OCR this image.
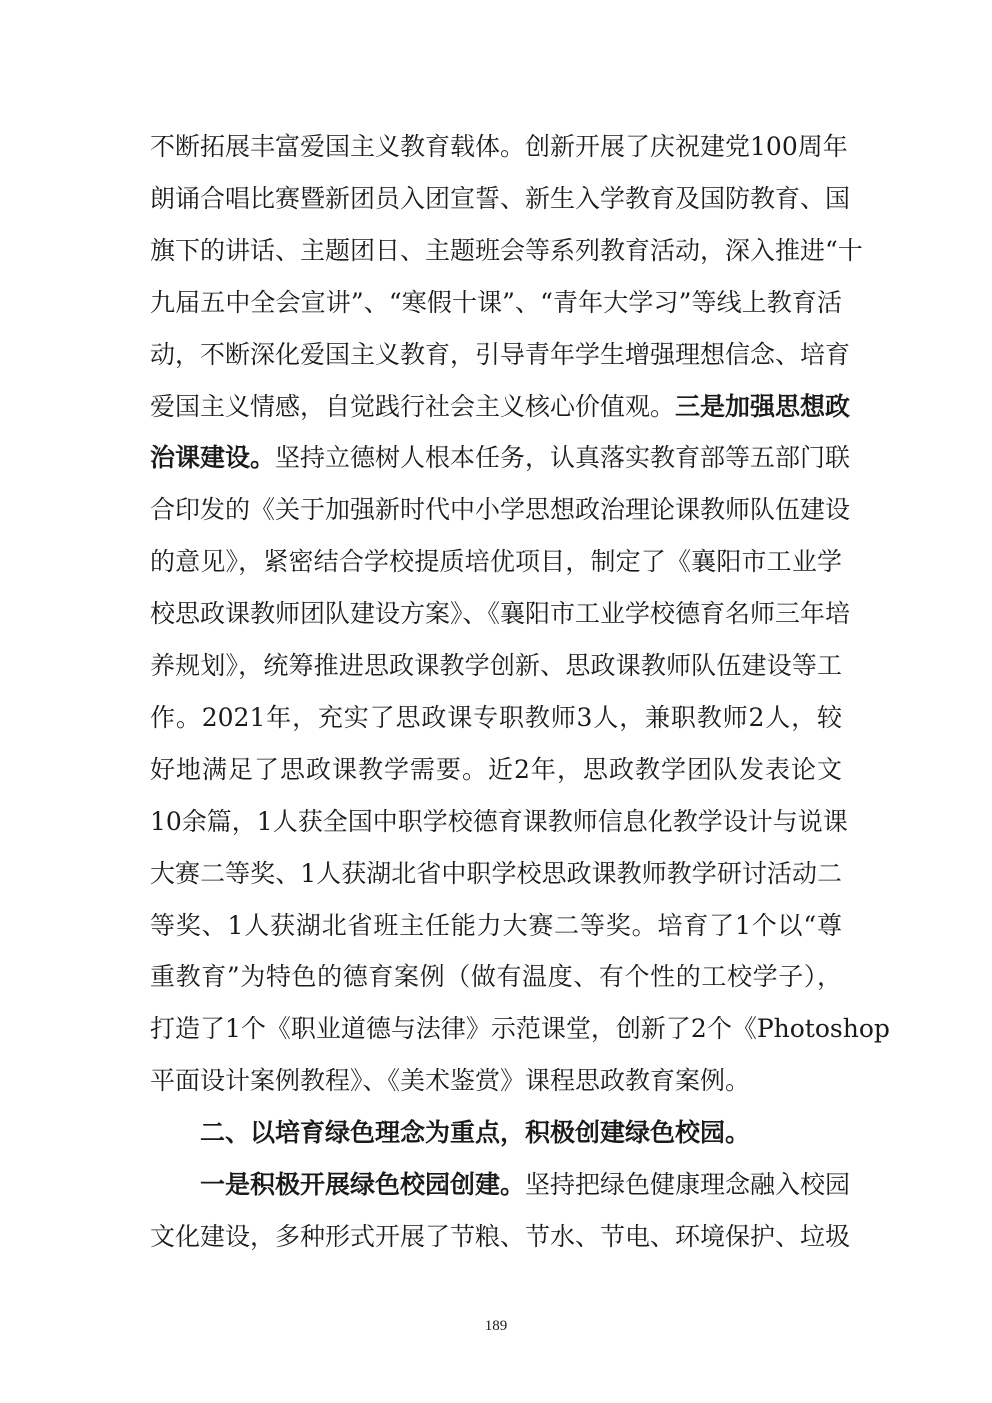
不断拓展丰富爱国主义教育载体。创新开展了庆祝建党100周年
朗诵合唱比赛暨新团员入团宣誓、新生入学教育及国防教育、国
旗下的讲话、主题团日、主题班会等系列教育活动，深入推进“十
九届五中全会宣讲”、“寒假十课”、“青年大学习”等线上教育活
动，不断深化爱国主义教育，引导青年学生增强理想信念、培育
爱国主义情感，自觉践行社会主义核心价值观。三是加强思想政
治课建设。坚持立德树人根本任务，认真落实教育部等五部门联
合印发的《关于加强新时代中小学思想政治理论课教师队伍建设
的意见》，紧密结合学校提质培优项目，制定了《襄阳市工业学
校思政课教师团队建设方案》、《襄阳市工业学校德育名师三年培
养规划》，统筹推进思政课教学创新、思政课教师队伍建设等工
作。2021年，充实了思政课专职教师3人，兼职教师2人，较
好地满足了思政课教学需要。近2年，思政教学团队发表论文
10余篇，1人获全国中职学校德育课教师信息化教学设计与说课
大赛二等奖、1人获湖北省中职学校思政课教师教学研讨活动二
等奖、1人获湖北省班主任能力大赛二等奖。培育了1个以“尊
重教育”为特色的德育案例（做有温度、有个性的工校学子），
打造了1个《职业道德与法律》示范课堂，创新了2个《Photoshop
平面设计案例教程》、《美术鉴赏》课程思政教育案例。
二、以培育绿色理念为重点，积极创建绿色校园。
一是积极开展绿色校园创建。坚持把绿色健康理念融入校园
文化建设，多种形式开展了节粮、节水、节电、环境保护、垃圾
189
